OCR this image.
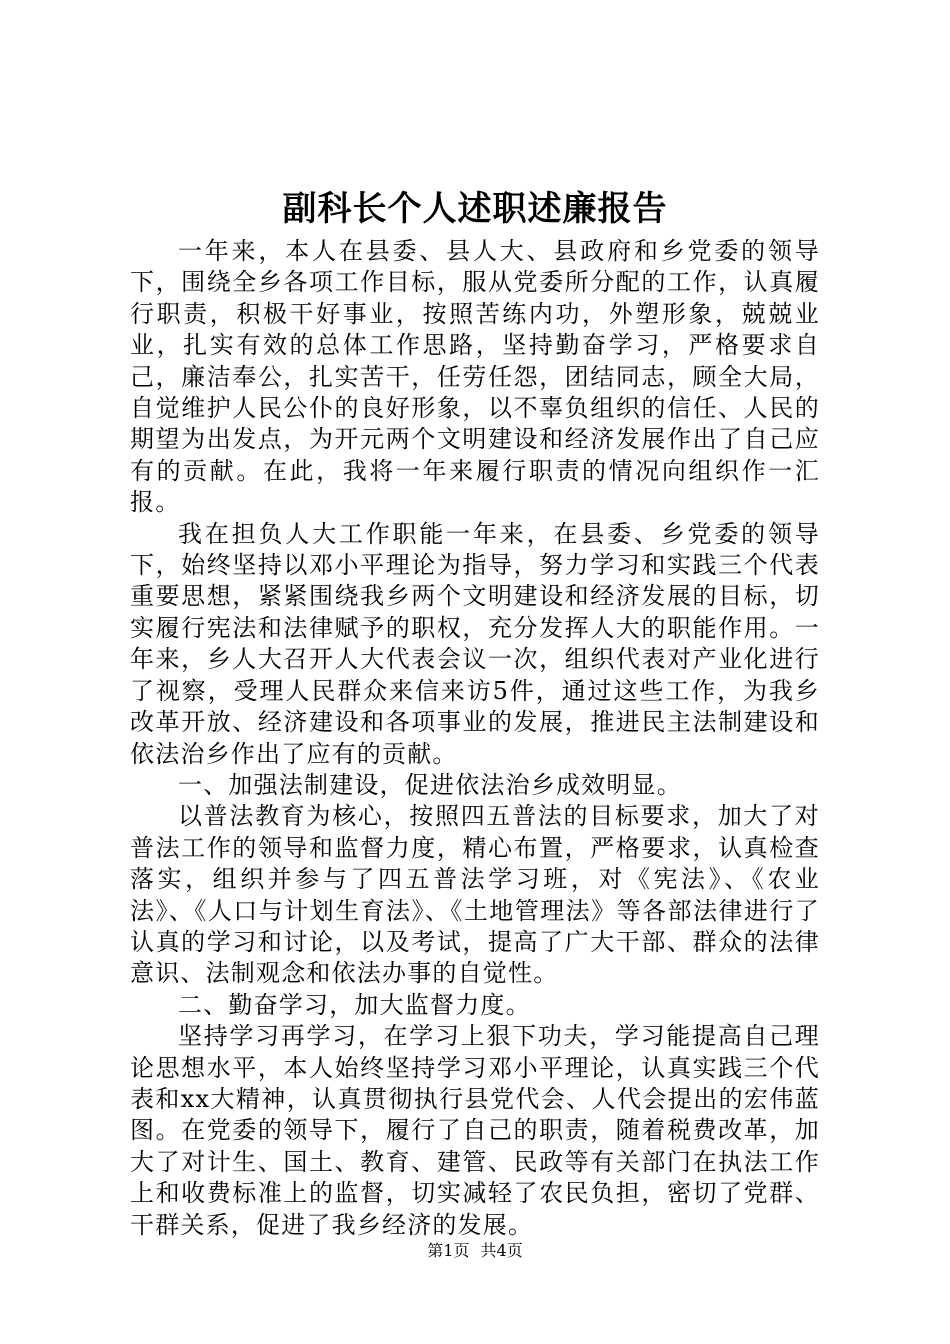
副科长个人述职述廉报告

一年来，本人在县委、县人大、县政府和乡党委的领导下，围绕全乡各项工作目标，服从党委所分配的工作，认真履行职责，积极干好事业，按照苦练内功，外塑形象，兢兢业业，扎实有效的总体工作思路，坚持勤奋学习，严格要求自己，廉洁奉公，扎实苦干，任劳任怨，团结同志，顾全大局，自觉维护人民公仆的良好形象，以不辜负组织的信任、人民的期望为出发点，为开元两个文明建设和经济发展作出了自己应有的贡献。在此，我将一年来履行职责的情况向组织作一汇报。

我在担负人大工作职能一年来，在县委、乡党委的领导下，始终坚持以邓小平理论为指导，努力学习和实践三个代表重要思想，紧紧围绕我乡两个文明建设和经济发展的目标，切实履行宪法和法律赋予的职权，充分发挥人大的职能作用。一年来，乡人大召开人大代表会议一次，组织代表对产业化进行了视察，受理人民群众来信来访5件，通过这些工作，为我乡改革开放、经济建设和各项事业的发展，推进民主法制建设和依法治乡作出了应有的贡献。

一、加强法制建设，促进依法治乡成效明显。

以普法教育为核心，按照四五普法的目标要求，加大了对普法工作的领导和监督力度，精心布置，严格要求，认真检查落实，组织并参与了四五普法学习班，对《宪法》、《农业法》、《人口与计划生育法》、《土地管理法》等各部法律进行了认真的学习和讨论，以及考试，提高了广大干部、群众的法律意识、法制观念和依法办事的自觉性。

二、勤奋学习，加大监督力度。

坚持学习再学习，在学习上狠下功夫，学习能提高自己理论思想水平，本人始终坚持学习邓小平理论，认真实践三个代表和xx大精神，认真贯彻执行县党代会、人代会提出的宏伟蓝图。在党委的领导下，履行了自己的职责，随着税费改革，加大了对计生、国土、教育、建管、民政等有关部门在执法工作上和收费标准上的监督，切实减轻了农民负担，密切了党群、干群关系，促进了我乡经济的发展。

第1页 共4页
